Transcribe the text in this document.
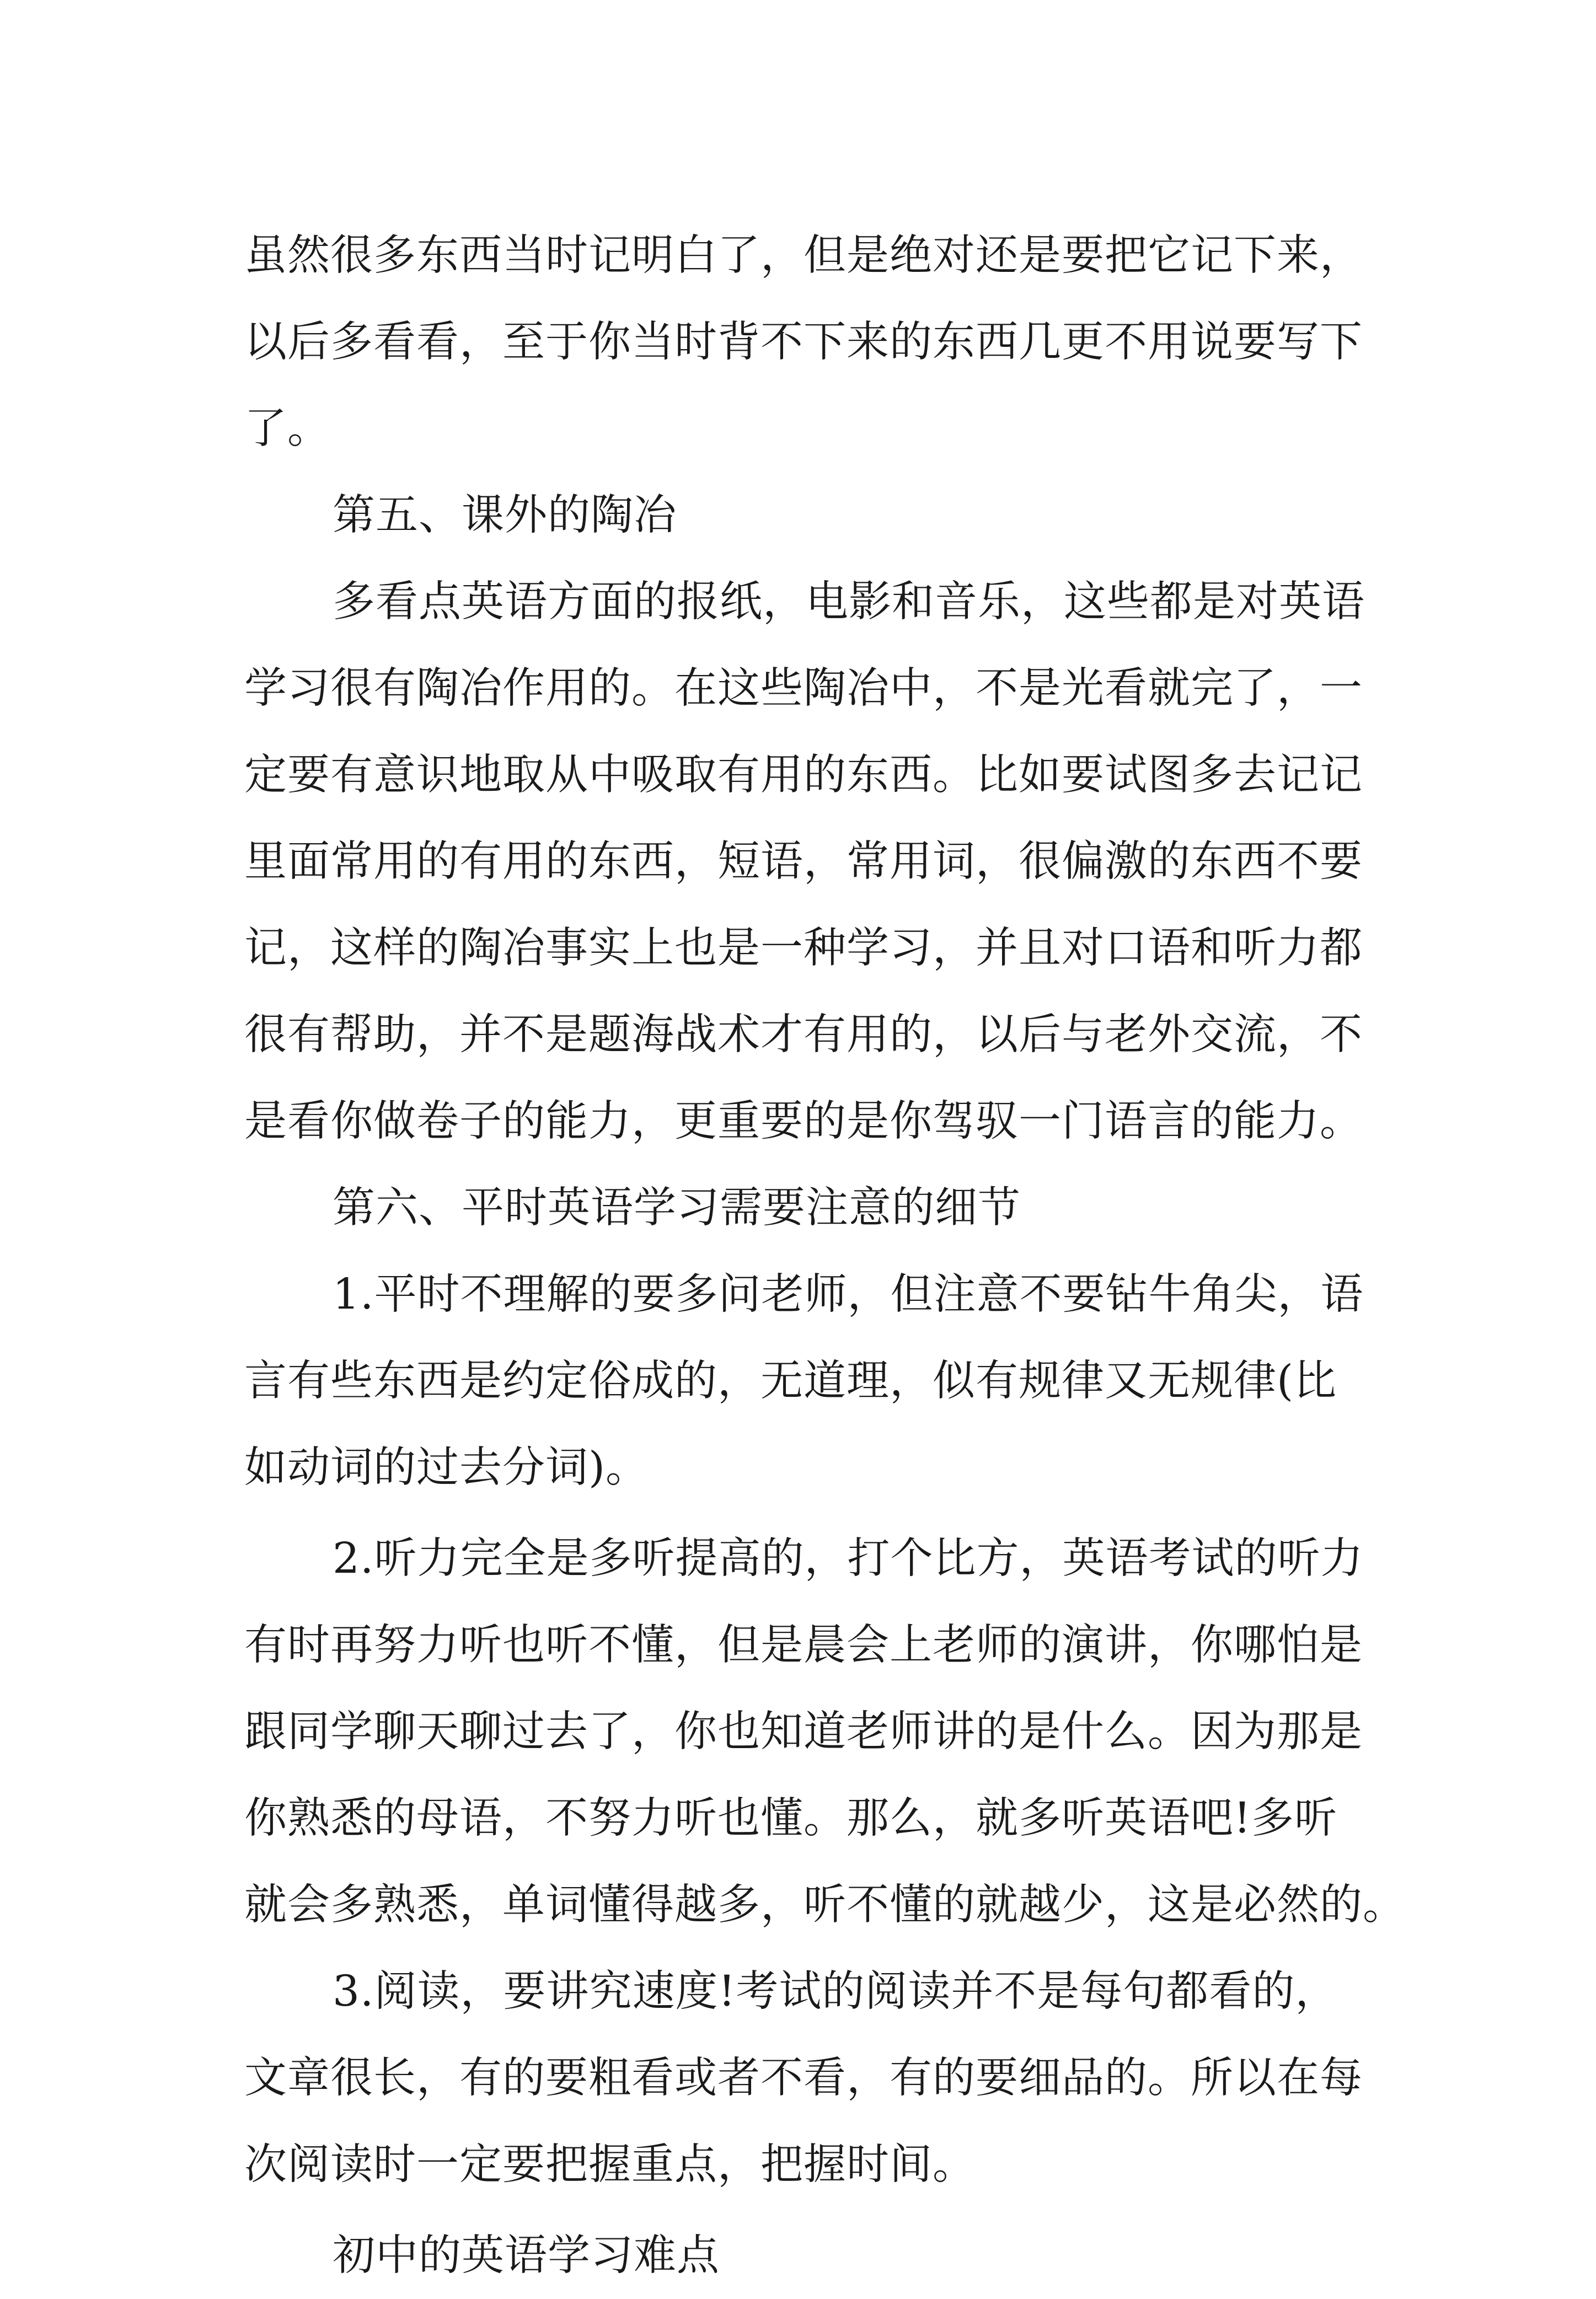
虽然很多东西当时记明白了，但是绝对还是要把它记下来，
以后多看看，至于你当时背不下来的东西几更不用说要写下
了。

第五、课外的陶冶

多看点英语方面的报纸，电影和音乐，这些都是对英语
学习很有陶冶作用的。在这些陶冶中，不是光看就完了，一
定要有意识地取从中吸取有用的东西。比如要试图多去记记
里面常用的有用的东西，短语，常用词，很偏激的东西不要
记，这样的陶冶事实上也是一种学习，并且对口语和听力都
很有帮助，并不是题海战术才有用的，以后与老外交流，不
是看你做卷子的能力，更重要的是你驾驭一门语言的能力。

第六、平时英语学习需要注意的细节

1.平时不理解的要多问老师，但注意不要钻牛角尖，语
言有些东西是约定俗成的，无道理，似有规律又无规律(比
如动词的过去分词)。

2.听力完全是多听提高的，打个比方，英语考试的听力
有时再努力听也听不懂，但是晨会上老师的演讲，你哪怕是
跟同学聊天聊过去了，你也知道老师讲的是什么。因为那是
你熟悉的母语，不努力听也懂。那么，就多听英语吧!多听
就会多熟悉，单词懂得越多，听不懂的就越少，这是必然的。

3.阅读，要讲究速度!考试的阅读并不是每句都看的，
文章很长，有的要粗看或者不看，有的要细品的。所以在每
次阅读时一定要把握重点，把握时间。

初中的英语学习难点
